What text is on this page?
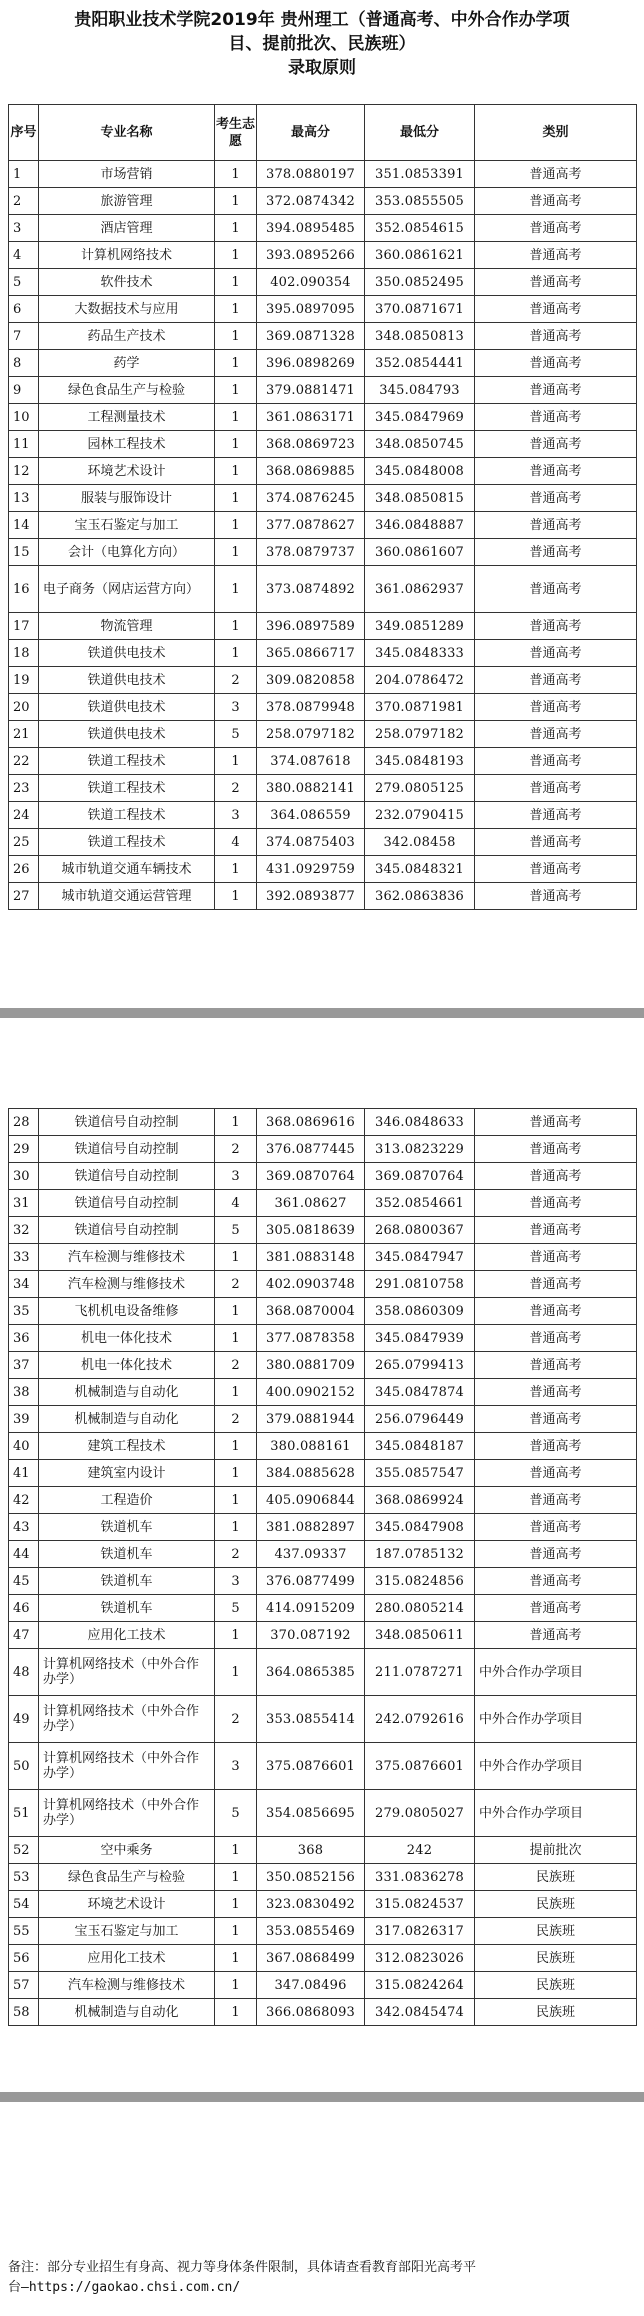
贵阳职业技术学院2019年 贵州理工（普通高考、中外合作办学项
目、提前批次、民族班）
录取原则
序号	专业名称	考生志愿	最高分	最低分	类别
1	市场营销	1	378.0880197	351.0853391	普通高考
2	旅游管理	1	372.0874342	353.0855505	普通高考
3	酒店管理	1	394.0895485	352.0854615	普通高考
4	计算机网络技术	1	393.0895266	360.0861621	普通高考
5	软件技术	1	402.090354	350.0852495	普通高考
6	大数据技术与应用	1	395.0897095	370.0871671	普通高考
7	药品生产技术	1	369.0871328	348.0850813	普通高考
8	药学	1	396.0898269	352.0854441	普通高考
9	绿色食品生产与检验	1	379.0881471	345.084793	普通高考
10	工程测量技术	1	361.0863171	345.0847969	普通高考
11	园林工程技术	1	368.0869723	348.0850745	普通高考
12	环境艺术设计	1	368.0869885	345.0848008	普通高考
13	服装与服饰设计	1	374.0876245	348.0850815	普通高考
14	宝玉石鉴定与加工	1	377.0878627	346.0848887	普通高考
15	会计（电算化方向）	1	378.0879737	360.0861607	普通高考
16	电子商务（网店运营方向）	1	373.0874892	361.0862937	普通高考
17	物流管理	1	396.0897589	349.0851289	普通高考
18	铁道供电技术	1	365.0866717	345.0848333	普通高考
19	铁道供电技术	2	309.0820858	204.0786472	普通高考
20	铁道供电技术	3	378.0879948	370.0871981	普通高考
21	铁道供电技术	5	258.0797182	258.0797182	普通高考
22	铁道工程技术	1	374.087618	345.0848193	普通高考
23	铁道工程技术	2	380.0882141	279.0805125	普通高考
24	铁道工程技术	3	364.086559	232.0790415	普通高考
25	铁道工程技术	4	374.0875403	342.08458	普通高考
26	城市轨道交通车辆技术	1	431.0929759	345.0848321	普通高考
27	城市轨道交通运营管理	1	392.0893877	362.0863836	普通高考
28	铁道信号自动控制	1	368.0869616	346.0848633	普通高考
29	铁道信号自动控制	2	376.0877445	313.0823229	普通高考
30	铁道信号自动控制	3	369.0870764	369.0870764	普通高考
31	铁道信号自动控制	4	361.08627	352.0854661	普通高考
32	铁道信号自动控制	5	305.0818639	268.0800367	普通高考
33	汽车检测与维修技术	1	381.0883148	345.0847947	普通高考
34	汽车检测与维修技术	2	402.0903748	291.0810758	普通高考
35	飞机机电设备维修	1	368.0870004	358.0860309	普通高考
36	机电一体化技术	1	377.0878358	345.0847939	普通高考
37	机电一体化技术	2	380.0881709	265.0799413	普通高考
38	机械制造与自动化	1	400.0902152	345.0847874	普通高考
39	机械制造与自动化	2	379.0881944	256.0796449	普通高考
40	建筑工程技术	1	380.088161	345.0848187	普通高考
41	建筑室内设计	1	384.0885628	355.0857547	普通高考
42	工程造价	1	405.0906844	368.0869924	普通高考
43	铁道机车	1	381.0882897	345.0847908	普通高考
44	铁道机车	2	437.09337	187.0785132	普通高考
45	铁道机车	3	376.0877499	315.0824856	普通高考
46	铁道机车	5	414.0915209	280.0805214	普通高考
47	应用化工技术	1	370.087192	348.0850611	普通高考
48	计算机网络技术（中外合作办学）	1	364.0865385	211.0787271	中外合作办学项目
49	计算机网络技术（中外合作办学）	2	353.0855414	242.0792616	中外合作办学项目
50	计算机网络技术（中外合作办学）	3	375.0876601	375.0876601	中外合作办学项目
51	计算机网络技术（中外合作办学）	5	354.0856695	279.0805027	中外合作办学项目
52	空中乘务	1	368	242	提前批次
53	绿色食品生产与检验	1	350.0852156	331.0836278	民族班
54	环境艺术设计	1	323.0830492	315.0824537	民族班
55	宝玉石鉴定与加工	1	353.0855469	317.0826317	民族班
56	应用化工技术	1	367.0868499	312.0823026	民族班
57	汽车检测与维修技术	1	347.08496	315.0824264	民族班
58	机械制造与自动化	1	366.0868093	342.0845474	民族班
备注：部分专业招生有身高、视力等身体条件限制，具体请查看教育部阳光高考平
台—https://gaokao.chsi.com.cn/
